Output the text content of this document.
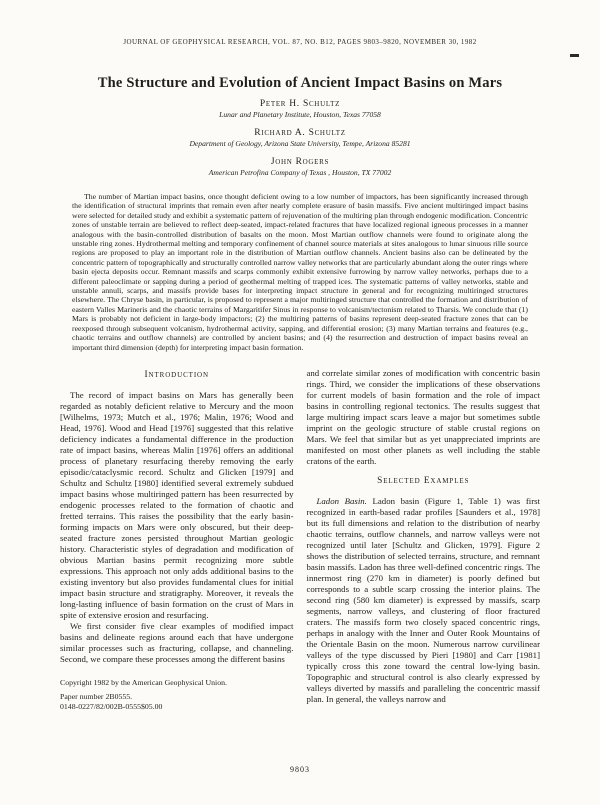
JOURNAL OF GEOPHYSICAL RESEARCH, VOL. 87, NO. B12, PAGES 9803–9820, NOVEMBER 30, 1982
The Structure and Evolution of Ancient Impact Basins on Mars
Peter H. Schultz
Lunar and Planetary Institute, Houston, Texas 77058
Richard A. Schultz
Department of Geology, Arizona State University, Tempe, Arizona 85281
John Rogers
American Petrofina Company of Texas , Houston, TX 77002

The number of Martian impact basins, once thought deficient owing to a low number of impactors, has been significantly increased through the identification of structural imprints that remain even after nearly complete erasure of basin massifs. Five ancient multiringed impact basins were selected for detailed study and exhibit a systematic pattern of rejuvenation of the multiring plan through endogenic modification. Concentric zones of unstable terrain are believed to reflect deep-seated, impact-related fractures that have localized regional igneous processes in a manner analogous with the basin-controlled distribution of basalts on the moon. Most Martian outflow channels were found to originate along the unstable ring zones. Hydrothermal melting and temporary confinement of channel source materials at sites analogous to lunar sinuous rille source regions are proposed to play an important role in the distribution of Martian outflow channels. Ancient basins also can be delineated by the concentric pattern of topographically and structurally controlled narrow valley networks that are particularly abundant along the outer rings where basin ejecta deposits occur. Remnant massifs and scarps commonly exhibit extensive furrowing by narrow valley networks, perhaps due to a different paleoclimate or sapping during a period of geothermal melting of trapped ices. The systematic patterns of valley networks, stable and unstable annuli, scarps, and massifs provide bases for interpreting impact structure in general and for recognizing multiringed structures elsewhere. The Chryse basin, in particular, is proposed to represent a major multiringed structure that controlled the formation and distribution of eastern Valles Marineris and the chaotic terrains of Margaritifer Sinus in response to volcanism/tectonism related to Tharsis. We conclude that (1) Mars is probably not deficient in large-body impactors; (2) the multiring patterns of basins represent deep-seated fracture zones that can be reexposed through subsequent volcanism, hydrothermal activity, sapping, and differential erosion; (3) many Martian terrains and features (e.g., chaotic terrains and outflow channels) are controlled by ancient basins; and (4) the resurrection and destruction of impact basins reveal an important third dimension (depth) for interpreting impact basin formation.

Introduction

The record of impact basins on Mars has generally been regarded as notably deficient relative to Mercury and the moon [Wilhelms, 1973; Mutch et al., 1976; Malin, 1976; Wood and Head, 1976]. Wood and Head [1976] suggested that this relative deficiency indicates a fundamental difference in the production rate of impact basins, whereas Malin [1976] offers an additional process of planetary resurfacing thereby removing the early episodic/cataclysmic record. Schultz and Glicken [1979] and Schultz and Schultz [1980] identified several extremely subdued impact basins whose multiringed pattern has been resurrected by endogenic processes related to the formation of chaotic and fretted terrains. This raises the possibility that the early basin-forming impacts on Mars were only obscured, but their deep-seated fracture zones persisted throughout Martian geologic history. Characteristic styles of degradation and modification of obvious Martian basins permit recognizing more subtle expressions. This approach not only adds additional basins to the existing inventory but also provides fundamental clues for initial impact basin structure and stratigraphy. Moreover, it reveals the long-lasting influence of basin formation on the crust of Mars in spite of extensive erosion and resurfacing.

We first consider five clear examples of modified impact basins and delineate regions around each that have undergone similar processes such as fracturing, collapse, and channeling. Second, we compare these processes among the different basins

Copyright 1982 by the American Geophysical Union.

Paper number 2B0555.

0148-0227/82/002B-0555$05.00

and correlate similar zones of modification with concentric basin rings. Third, we consider the implications of these observations for current models of basin formation and the role of impact basins in controlling regional tectonics. The results suggest that large multiring impact scars leave a major but sometimes subtle imprint on the geologic structure of stable crustal regions on Mars. We feel that similar but as yet unappreciated imprints are manifested on most other planets as well including the stable cratons of the earth.

Selected Examples

Ladon Basin. Ladon basin (Figure 1, Table 1) was first recognized in earth-based radar profiles [Saunders et al., 1978] but its full dimensions and relation to the distribution of nearby chaotic terrains, outflow channels, and narrow valleys were not recognized until later [Schultz and Glicken, 1979]. Figure 2 shows the distribution of selected terrains, structure, and remnant basin massifs. Ladon has three well-defined concentric rings. The innermost ring (270 km in diameter) is poorly defined but corresponds to a subtle scarp crossing the interior plains. The second ring (580 km diameter) is expressed by massifs, scarp segments, narrow valleys, and clustering of floor fractured craters. The massifs form two closely spaced concentric rings, perhaps in analogy with the Inner and Outer Rook Mountains of the Orientale Basin on the moon. Numerous narrow curvilinear valleys of the type discussed by Pieri [1980] and Carr [1981] typically cross this zone toward the central low-lying basin. Topographic and structural control is also clearly expressed by valleys diverted by massifs and paralleling the concentric massif plan. In general, the valleys narrow and

9803
